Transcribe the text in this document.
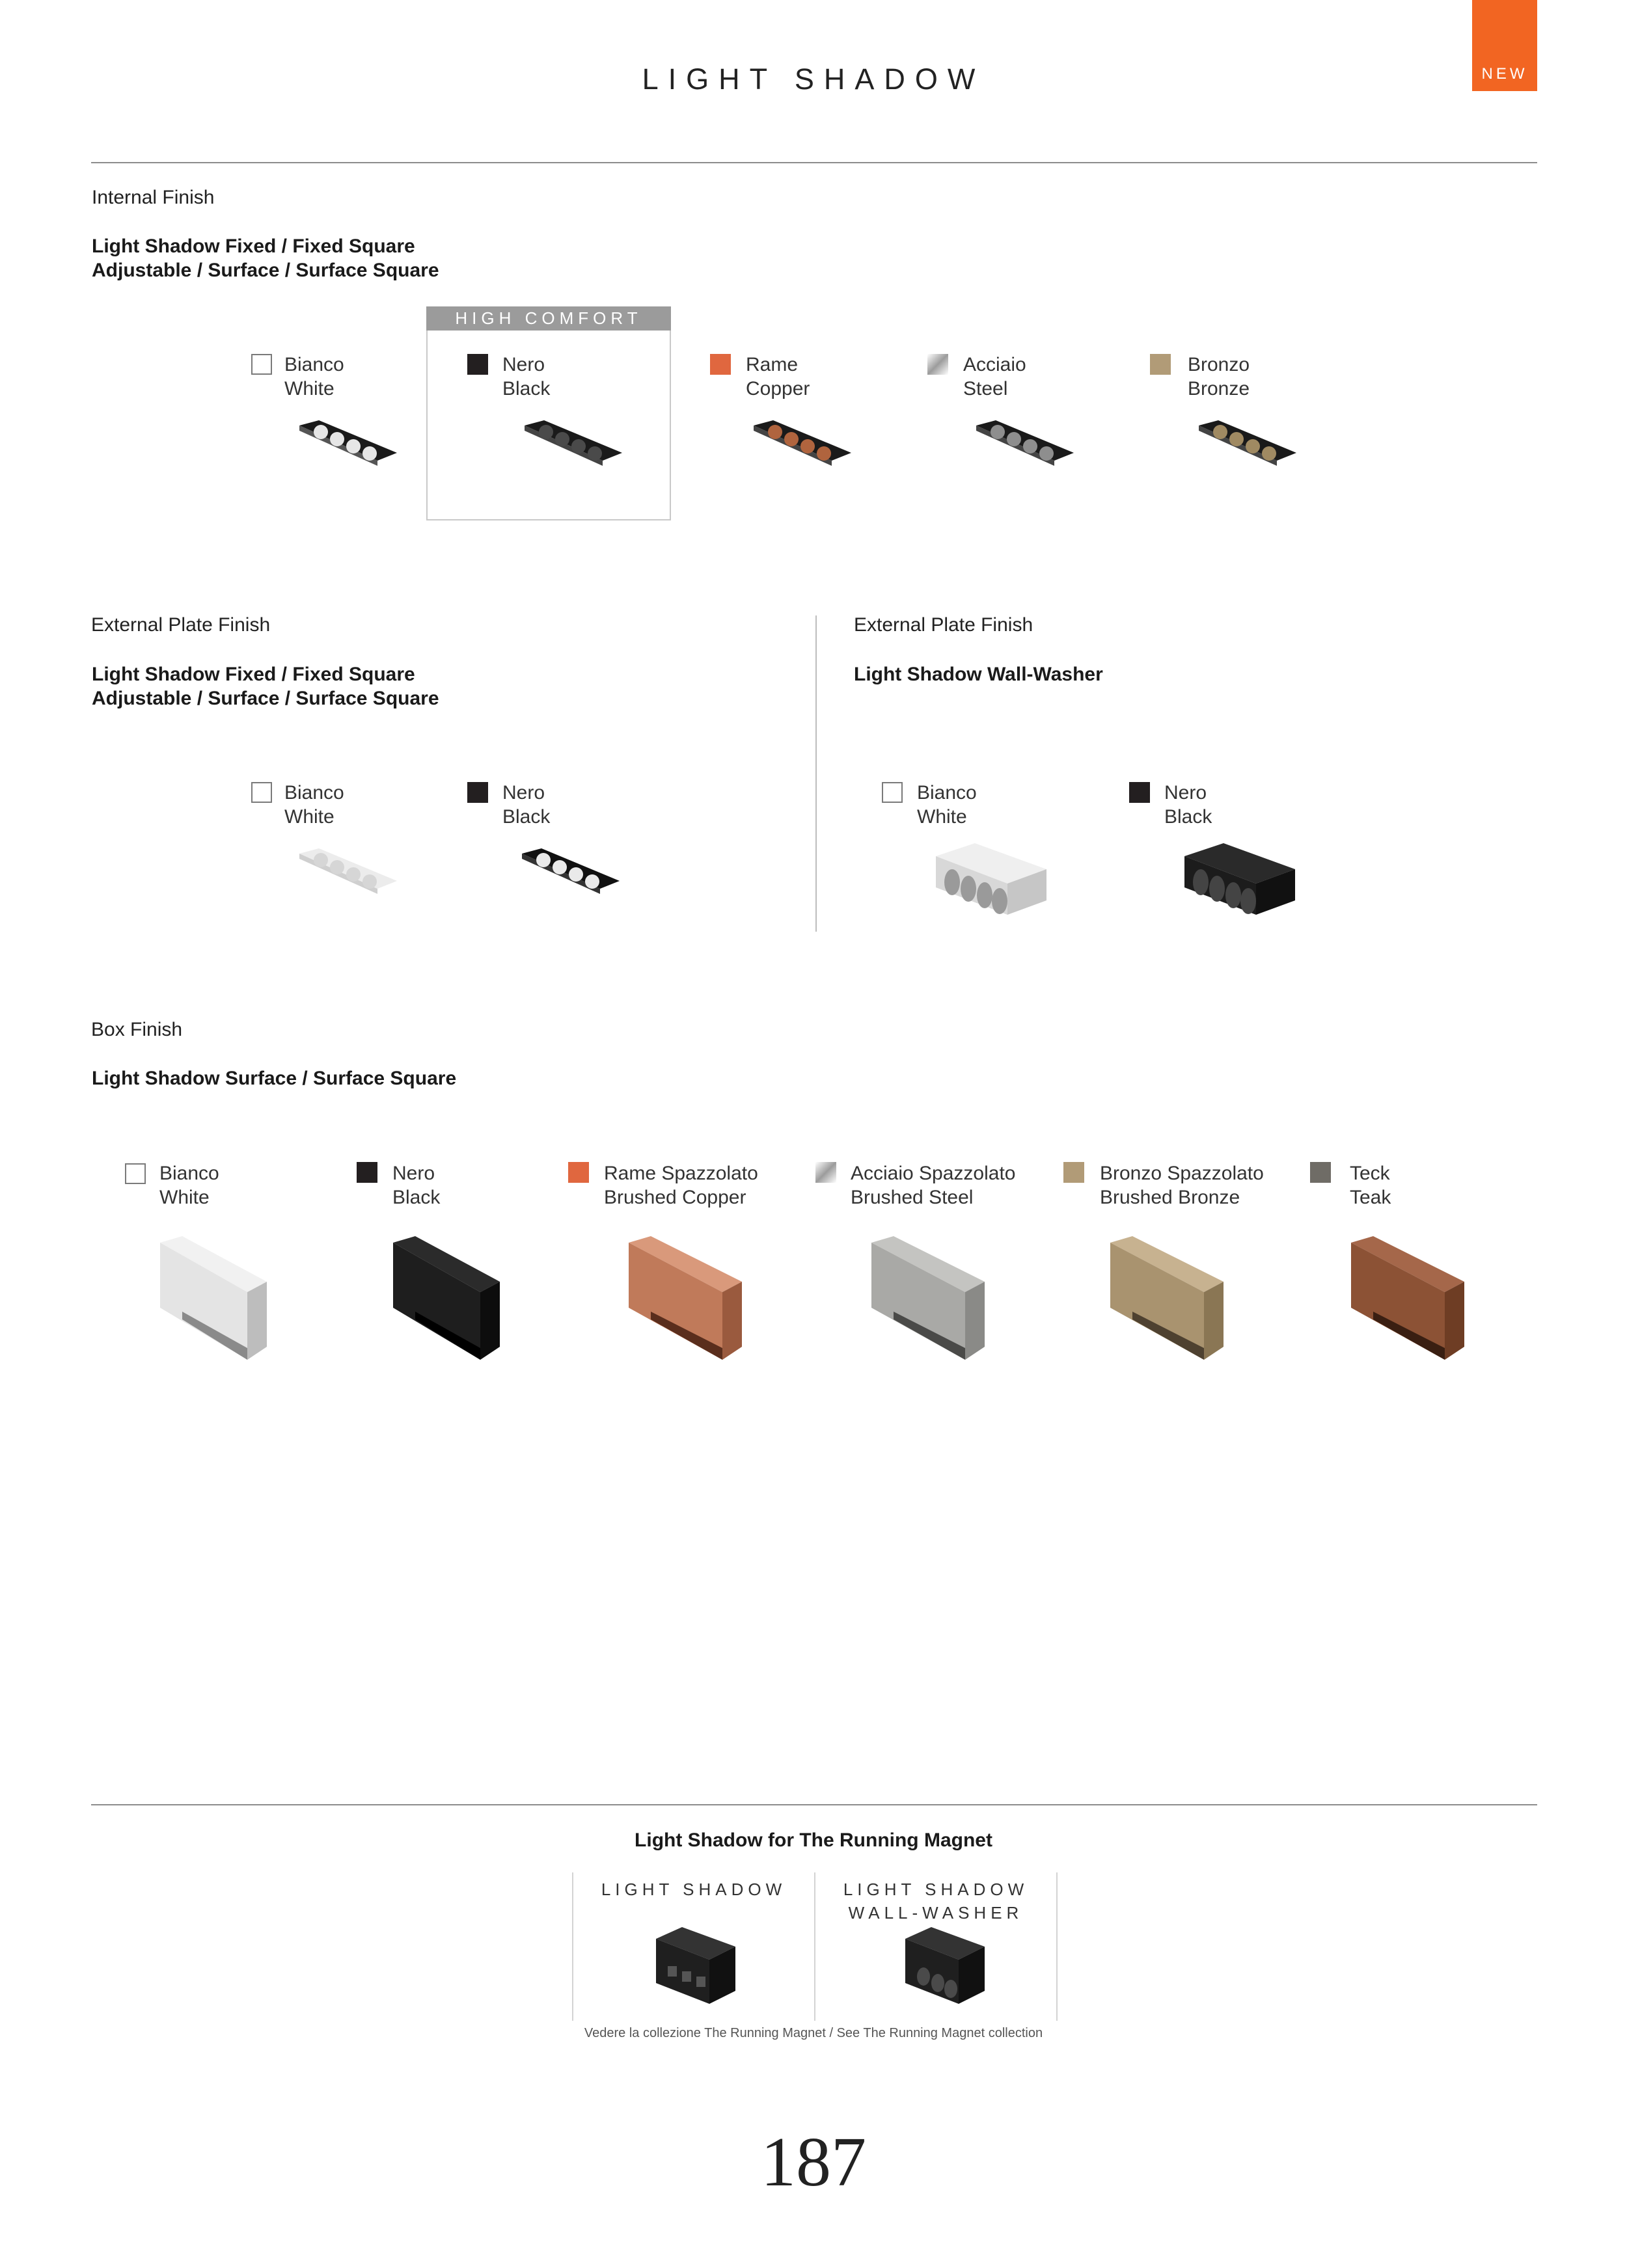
LIGHT SHADOW	NEW
Internal Finish
Light Shadow Fixed / Fixed Square
Adjustable / Surface / Surface Square
HIGH COMFORT
Bianco
White
Nero
Black
Rame
Copper
Acciaio
Steel
Bronzo
Bronze
External Plate Finish
Light Shadow Fixed / Fixed Square
Adjustable / Surface / Surface Square
Bianco
White
Nero
Black
External Plate Finish
Light Shadow Wall-Washer
Bianco
White
Nero
Black
Box Finish
Light Shadow Surface / Surface Square
Bianco
White
Nero
Black
Rame Spazzolato
Brushed Copper
Acciaio Spazzolato
Brushed Steel
Bronzo Spazzolato
Brushed Bronze
Teck
Teak
Light Shadow for The Running Magnet
LIGHT SHADOW	LIGHT SHADOW
WALL-WASHER
Vedere la collezione The Running Magnet / See The Running Magnet collection
187
